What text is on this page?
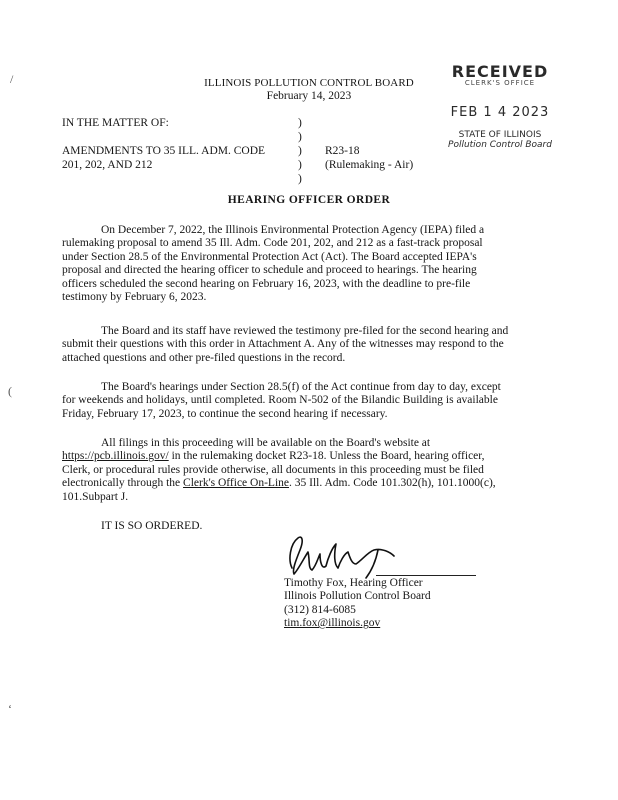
/
(
ʻ
ILLINOIS POLLUTION CONTROL BOARD
February 14, 2023
RECEIVED
CLERK'S OFFICE
FEB 1 4 2023
STATE OF ILLINOIS
Pollution Control Board
IN THE MATTER OF:
AMENDMENTS TO 35 ILL. ADM. CODE
201, 202, AND 212
)
)
)
)
)
R23-18
(Rulemaking - Air)
HEARING OFFICER ORDER
On December 7, 2022, the Illinois Environmental Protection Agency (IEPA) filed a
rulemaking proposal to amend 35 Ill. Adm. Code 201, 202, and 212 as a fast-track proposal
under Section 28.5 of the Environmental Protection Act (Act). The Board accepted IEPA's
proposal and directed the hearing officer to schedule and proceed to hearings. The hearing
officers scheduled the second hearing on February 16, 2023, with the deadline to pre-file
testimony by February 6, 2023.
The Board and its staff have reviewed the testimony pre-filed for the second hearing and
submit their questions with this order in Attachment A. Any of the witnesses may respond to the
attached questions and other pre-filed questions in the record.
The Board's hearings under Section 28.5(f) of the Act continue from day to day, except
for weekends and holidays, until completed. Room N-502 of the Bilandic Building is available
Friday, February 17, 2023, to continue the second hearing if necessary.
All filings in this proceeding will be available on the Board's website at
https://pcb.illinois.gov/ in the rulemaking docket R23-18. Unless the Board, hearing officer,
Clerk, or procedural rules provide otherwise, all documents in this proceeding must be filed
electronically through the Clerk's Office On-Line. 35 Ill. Adm. Code 101.302(h), 101.1000(c),
101.Subpart J.
IT IS SO ORDERED.
Timothy Fox, Hearing Officer
Illinois Pollution Control Board
(312) 814-6085
tim.fox@illinois.gov
